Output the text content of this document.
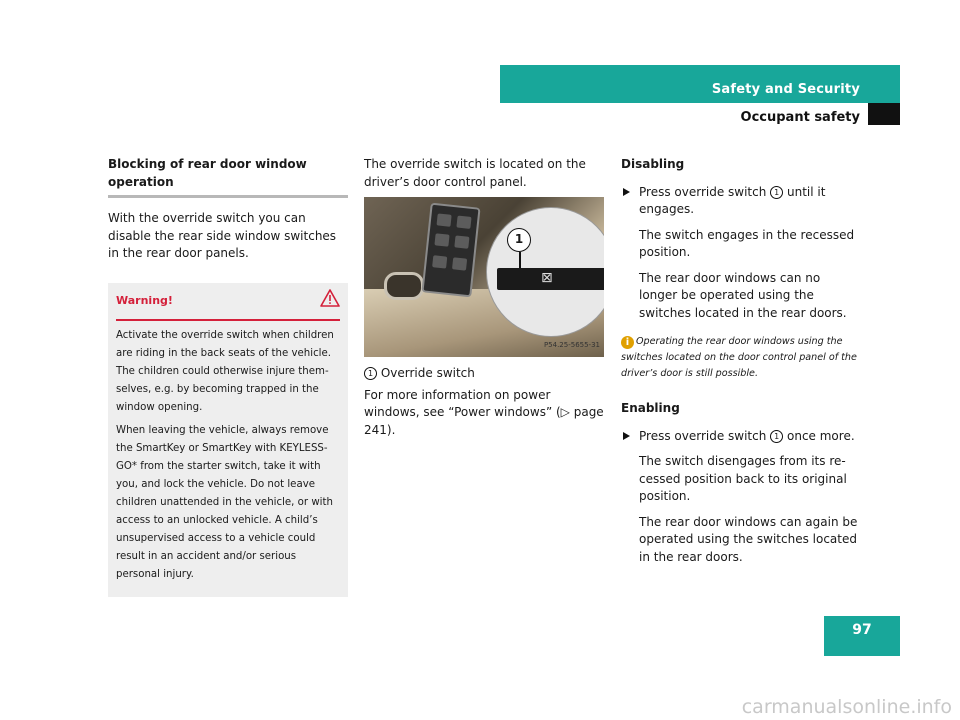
Safety and Security
Occupant safety
Blocking of rear door window operation

With the override switch you can disable the rear side window switches in the rear door panels.

Warning!

Activate the override switch when children are riding in the back seats of the vehicle. The children could otherwise injure themselves, e.g. by becoming trapped in the window opening.

When leaving the vehicle, always remove the SmartKey or SmartKey with KEYLESS-GO* from the starter switch, take it with you, and lock the vehicle. Do not leave children unattended in the vehicle, or with access to an unlocked vehicle. A child’s unsupervised access to a vehicle could result in an accident and/or serious personal injury.

The override switch is located on the driver’s door control panel.

1
⊠
P54.25-5655-31

1 Override switch

For more information on power windows, see “Power windows” (▷ page 241).

Disabling
Press override switch 1 until it engages.
The switch engages in the recessed position.
The rear door windows can no longer be operated using the switches located in the rear doors.
i Operating the rear door windows using the switches located on the door control panel of the driver’s door is still possible.
Enabling
Press override switch 1 once more.
The switch disengages from its recessed position back to its original position.
The rear door windows can again be operated using the switches located in the rear doors.
97
carmanualsonline.info
